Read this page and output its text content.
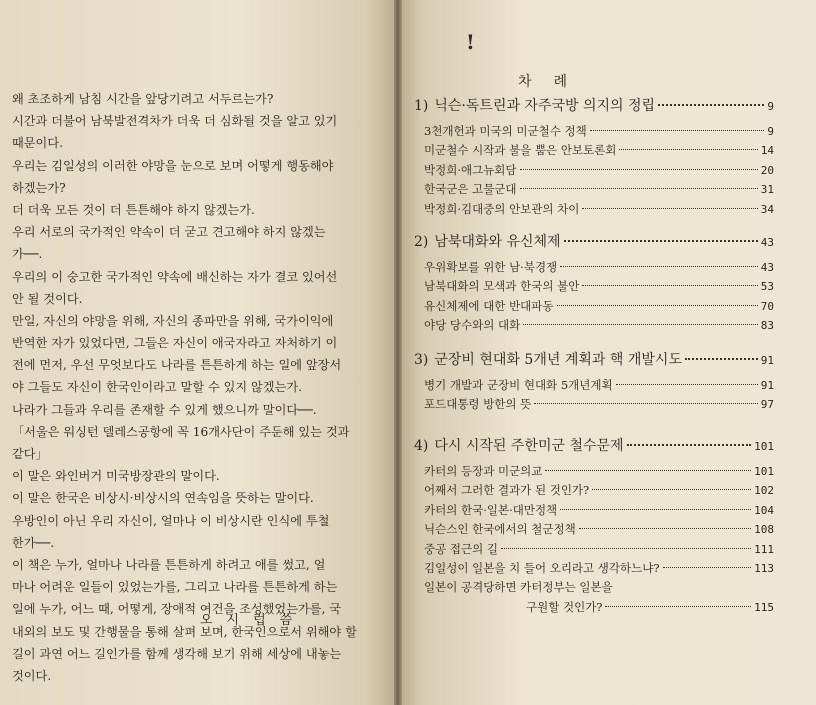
왜 초조하게 남침 시간을 앞당기려고 서두르는가?
시간과 더불어 남북발전격차가 더욱 더 심화될 것을 알고 있기
때문이다.
우리는 김일성의 이러한 야망을 눈으로 보며 어떻게 행동해야
하겠는가?
더 더욱 모든 것이 더 튼튼해야 하지 않겠는가.
우리 서로의 국가적인 약속이 더 굳고 견고해야 하지 않겠는
가──.
우리의 이 숭고한 국가적인 약속에 배신하는 자가 결코 있어선
안 될 것이다.
만일, 자신의 야망을 위해, 자신의 종파만을 위해, 국가이익에
반역한 자가 있었다면, 그들은 자신이 애국자라고 자처하기 이
전에 먼저, 우선 무엇보다도 나라를 튼튼하게 하는 일에 앞장서
야 그들도 자신이 한국인이라고 말할 수 있지 않겠는가.
나라가 그들과 우리를 존재할 수 있게 했으니까 말이다──.
「서울은 워싱턴 델레스공항에 꼭 16개사단이 주둔해 있는 것과
같다」
이 말은 와인버거 미국방장관의 말이다.
이 말은 한국은 비상시·비상시의 연속임을 뜻하는 말이다.
우방인이 아닌 우리 자신이, 얼마나 이 비상시란 인식에 투철
한가──.
이 책은 누가, 얼마나 나라를 튼튼하게 하려고 애를 썼고, 얼
마나 어려운 일들이 있었는가를, 그리고 나라를 튼튼하게 하는
일에 누가, 어느 때, 어떻게, 장애적 여건을 조성했었는가를, 국
내외의 보도 및 간행물을 통해 살펴 보며, 한국인으로서 위해야 할
길이 과연 어느 길인가를 함께 생각해 보기 위해 세상에 내놓는
것이다.
오시럽씀
!
차례
1) 닉슨·독트린과 자주국방 의지의 정립	9
3천개헌과 미국의 미군철수 정책	9
미군철수 시작과 불을 뿜은 안보토론회	14
박정희·애그뉴회담	20
한국군은 고물군대	31
박정희·김대중의 안보관의 차이	34
2) 남북대화와 유신체제	43
우위확보를 위한 남·북경쟁	43
남북대화의 모색과 한국의 불안	53
유신체제에 대한 반대파동	70
야당 당수와의 대화	83
3) 군장비 현대화 5개년 계획과 핵 개발시도	91
병기 개발과 군장비 현대화 5개년계획	91
포드대통령 방한의 뜻	97
4) 다시 시작된 주한미군 철수문제	101
카터의 등장과 미군의교	101
어째서 그러한 결과가 된 것인가?	102
카터의 한국·일본·대만정책	104
닉슨스인 한국에서의 철군정책	108
중공 접근의 길	111
김일성이 일본을 치 들어 오리라고 생각하느냐?	113
일본이 공격당하면 카터정부는 일본을
구원할 것인가?	115
